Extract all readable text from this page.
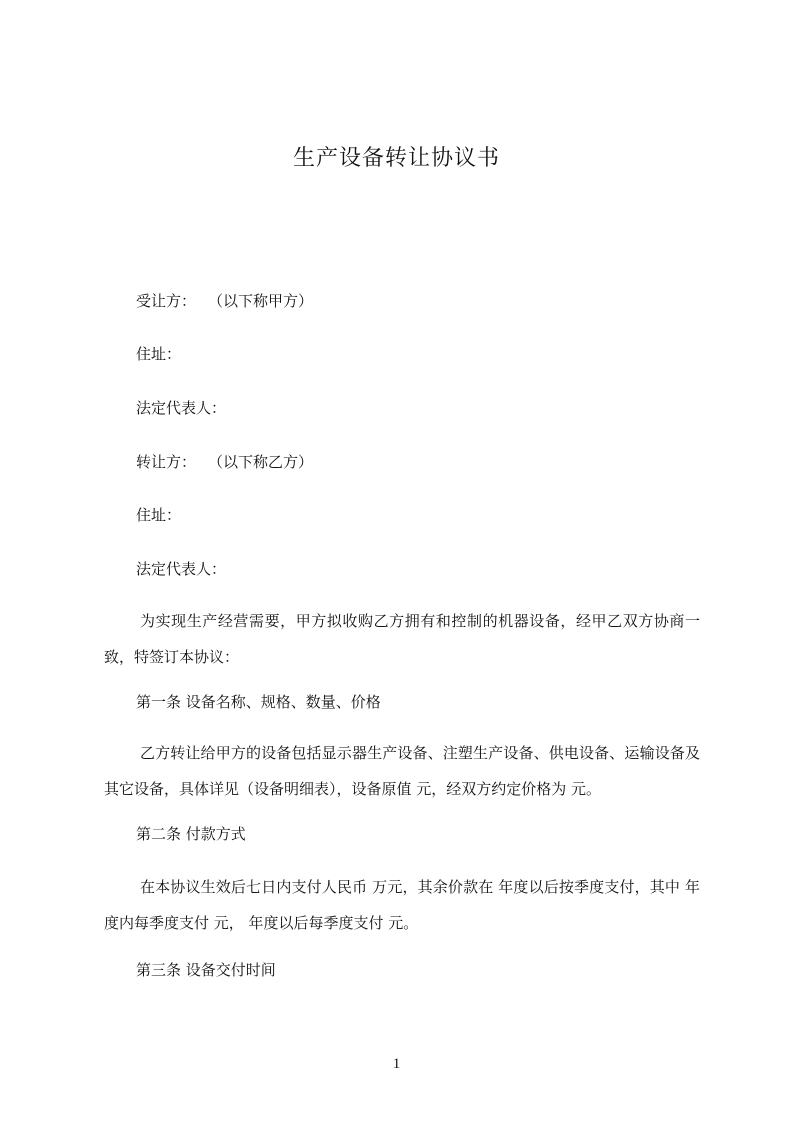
生产设备转让协议书
受让方： （以下称甲方）
住址：
法定代表人：
转让方： （以下称乙方）
住址：
法定代表人：
为实现生产经营需要，甲方拟收购乙方拥有和控制的机器设备，经甲乙双方协商一致，特签订本协议：
第一条 设备名称、规格、数量、价格
乙方转让给甲方的设备包括显示器生产设备、注塑生产设备、供电设备、运输设备及其它设备，具体详见（设备明细表），设备原值 元，经双方约定价格为 元。
第二条 付款方式
在本协议生效后七日内支付人民币 万元，其余价款在 年度以后按季度支付，其中 年度内每季度支付 元， 年度以后每季度支付 元。
第三条 设备交付时间
1
